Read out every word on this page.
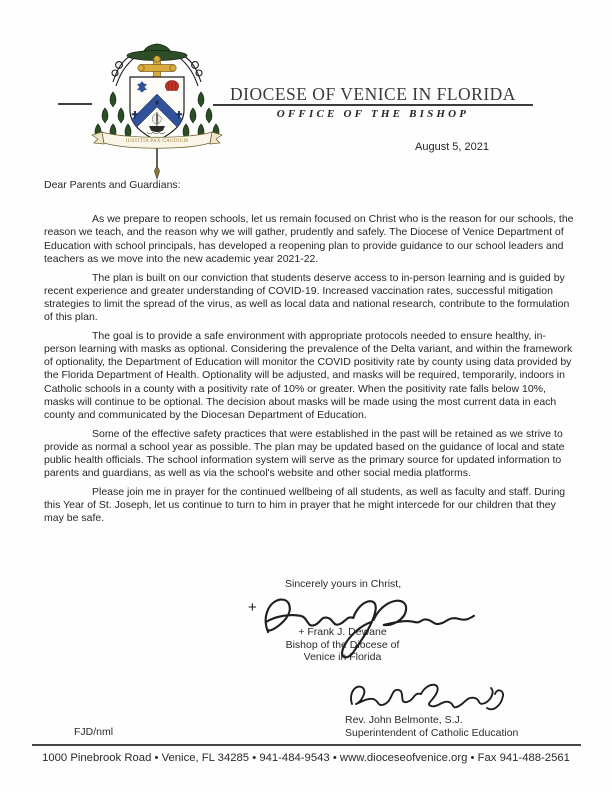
IUSTITIA PAX GAUDIUM
DIOCESE OF VENICE IN FLORIDA
OFFICE OF THE BISHOP
August 5, 2021
Dear Parents and Guardians:

As we prepare to reopen schools, let us remain focused on Christ who is the reason for our schools, the reason we teach, and the reason why we will gather, prudently and safely. The Diocese of Venice Department of Education with school principals, has developed a reopening plan to provide guidance to our school leaders and teachers as we move into the new academic year 2021-22.

The plan is built on our conviction that students deserve access to in-person learning and is guided by recent experience and greater understanding of COVID-19. Increased vaccination rates, successful mitigation strategies to limit the spread of the virus, as well as local data and national research, contribute to the formulation of this plan.

The goal is to provide a safe environment with appropriate protocols needed to ensure healthy, in-person learning with masks as optional. Considering the prevalence of the Delta variant, and within the framework of optionality, the Department of Education will monitor the COVID positivity rate by county using data provided by the Florida Department of Health. Optionality will be adjusted, and masks will be required, temporarily, indoors in Catholic schools in a county with a positivity rate of 10% or greater. When the positivity rate falls below 10%, masks will continue to be optional. The decision about masks will be made using the most current data in each county and communicated by the Diocesan Department of Education.

Some of the effective safety practices that were established in the past will be retained as we strive to provide as normal a school year as possible. The plan may be updated based on the guidance of local and state public health officials. The school information system will serve as the primary source for updated information to parents and guardians, as well as via the school's website and other social media platforms.

Please join me in prayer for the continued wellbeing of all students, as well as faculty and staff. During this Year of St. Joseph, let us continue to turn to him in prayer that he might intercede for our children that they may be safe.

Sincerely yours in Christ,
+
+ Frank J. Dewane
Bishop of the Diocese of
Venice in Florida
Rev. John Belmonte, S.J.
Superintendent of Catholic Education
FJD/nml
1000 Pinebrook Road • Venice, FL 34285 • 941-484-9543 • www.dioceseofvenice.org • Fax 941-488-2561
